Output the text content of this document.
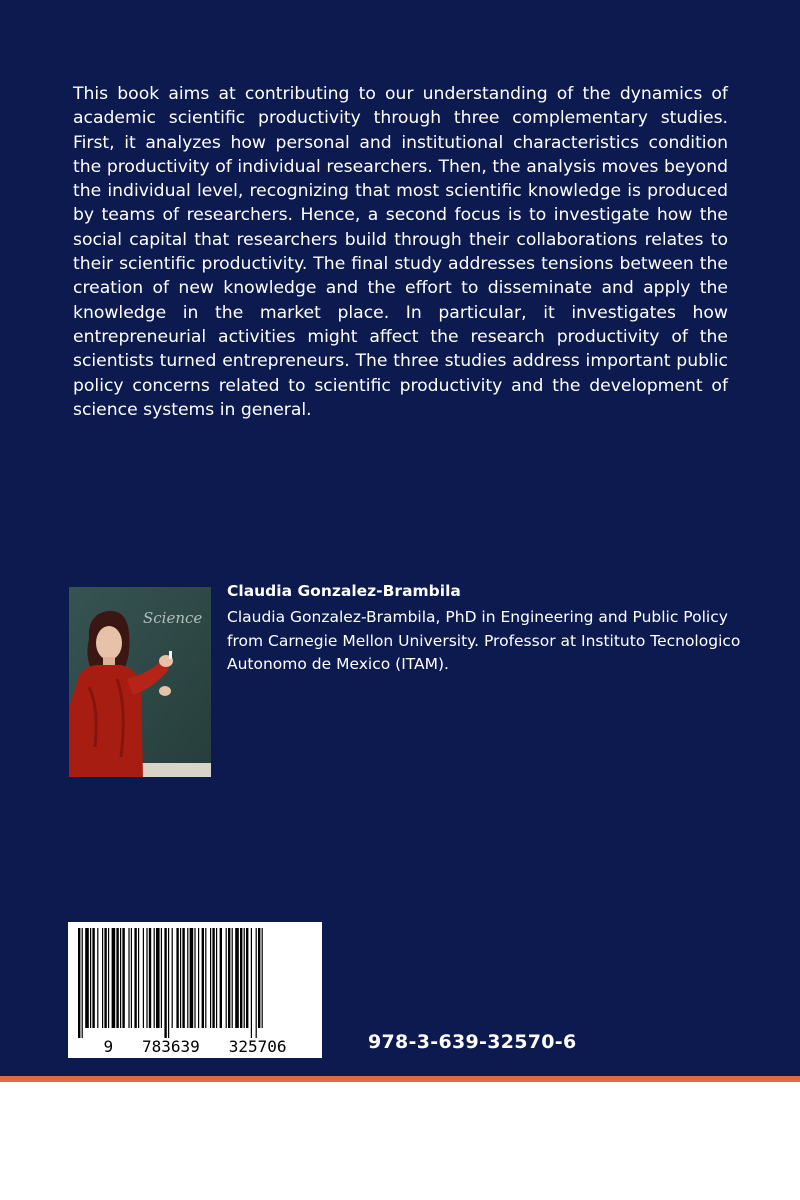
This book aims at contributing to our understanding of the dynamics of academic scientific productivity through three complementary studies. First, it analyzes how personal and institutional characteristics condition the productivity of individual researchers. Then, the analysis moves beyond the individual level, recognizing that most scientific knowledge is produced by teams of researchers. Hence, a second focus is to investigate how the social capital that researchers build through their collaborations relates to their scientific productivity. The final study addresses tensions between the creation of new knowledge and the effort to disseminate and apply the knowledge in the market place. In particular, it investigates how entrepreneurial activities might affect the research productivity of the scientists turned entrepreneurs. The three studies address important public policy concerns related to scientific productivity and the development of science systems in general.

Science
Claudia Gonzalez-Brambila

Claudia Gonzalez-Brambila, PhD in Engineering and Public Policy from Carnegie Mellon University. Professor at Instituto Tecnologico Autonomo de Mexico (ITAM).

9   783639   325706	978-3-639-32570-6
